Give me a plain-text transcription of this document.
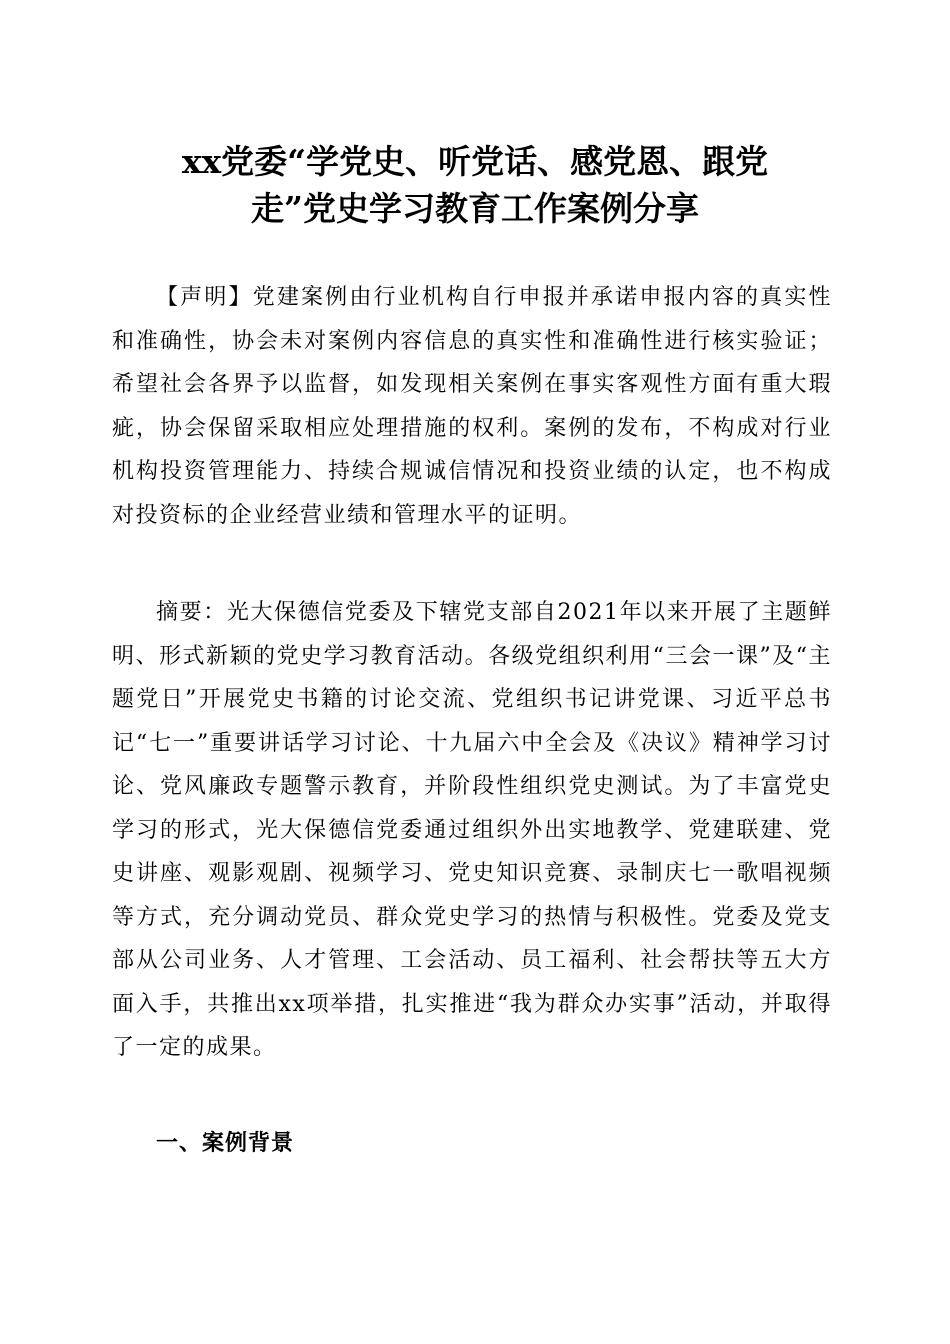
xx党委“学党史、听党话、感党恩、跟党
走”党史学习教育工作案例分享

【声明】党建案例由行业机构自行申报并承诺申报内容的真实性和准确性，协会未对案例内容信息的真实性和准确性进行核实验证；希望社会各界予以监督，如发现相关案例在事实客观性方面有重大瑕疵，协会保留采取相应处理措施的权利。案例的发布，不构成对行业机构投资管理能力、持续合规诚信情况和投资业绩的认定，也不构成对投资标的企业经营业绩和管理水平的证明。

摘要：光大保德信党委及下辖党支部自2021年以来开展了主题鲜明、形式新颖的党史学习教育活动。各级党组织利用“三会一课”及“主题党日”开展党史书籍的讨论交流、党组织书记讲党课、习近平总书记“七一”重要讲话学习讨论、十九届六中全会及《决议》精神学习讨论、党风廉政专题警示教育，并阶段性组织党史测试。为了丰富党史学习的形式，光大保德信党委通过组织外出实地教学、党建联建、党史讲座、观影观剧、视频学习、党史知识竞赛、录制庆七一歌唱视频等方式，充分调动党员、群众党史学习的热情与积极性。党委及党支部从公司业务、人才管理、工会活动、员工福利、社会帮扶等五大方面入手，共推出xx项举措，扎实推进“我为群众办实事”活动，并取得了一定的成果。

一、案例背景
